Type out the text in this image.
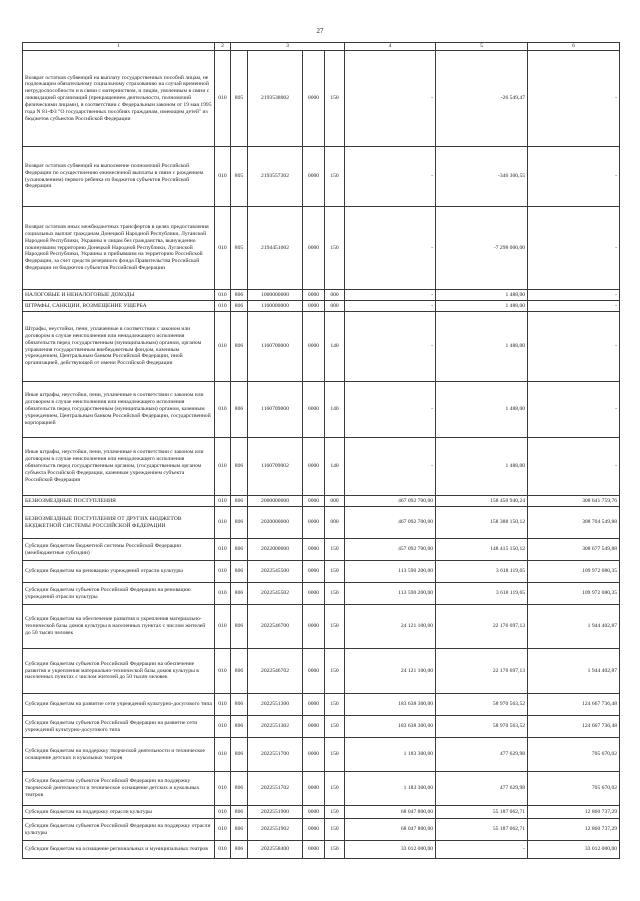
27
1	2	3				4	5	6
Возврат остатков субвенций на выплату государственных пособий лицам, не подлежащим обязательному социальному страхованию на случай временной нетрудоспособности и в связи с материнством, и лицам, уволенным в связи с ликвидацией организаций (прекращением деятельности, полномочий физическими лицами), в соответствии с Федеральным законом от 19 мая 1995 года N 81-ФЗ "О государственных пособиях гражданам, имеющим детей" из бюджетов субъектов Российской Федерации	010	805	2193538002	0000	150	-	-26 549,47	-
Возврат остатков субвенций на выполнение полномочий Российской Федерации по осуществлению ежемесячной выплаты в связи с рождением (усыновлением) первого ребенка из бюджетов субъектов Российской Федерации	010	805	2193557302	0000	150	-	-346 300,55	-
Возврат остатков иных межбюджетных трансфертов в целях предоставления социальных выплат гражданам Донецкой Народной Республики, Луганской Народной Республики, Украины и лицам без гражданства, вынужденно покинувшим территорию Донецкой Народной Республики, Луганской Народной Республики, Украины и прибывшим на территорию Российской Федерации, за счет средств резервного фонда Правительства Российской Федерации из бюджетов субъектов Российской Федерации	010	805	2194451002	0000	150	-	-7 298 000,00	-
НАЛОГОВЫЕ И НЕНАЛОГОВЫЕ ДОХОДЫ	010	806	1000000000	0000	000	-	1 488,00	-
ШТРАФЫ, САНКЦИИ, ВОЗМЕЩЕНИЕ УЩЕРБА	010	806	1160000000	0000	000	-	1 488,00	-
Штрафы, неустойки, пени, уплаченные в соответствии с законом или договором в случае неисполнения или ненадлежащего исполнения обязательств перед государственным (муниципальным) органом, органом управления государственным внебюджетным фондом, казенным учреждением, Центральным банком Российской Федерации, иной организацией, действующей от имени Российской Федерации	010	806	1160700000	0000	140	-	1 488,00	-
Иные штрафы, неустойки, пени, уплаченные в соответствии с законом или договором в случае неисполнения или ненадлежащего исполнения обязательств перед государственным (муниципальным) органом, казенным учреждением, Центральным банком Российской Федерации, государственной корпорацией	010	806	1160709000	0000	140	-	1 488,00	-
Иные штрафы, неустойки, пени, уплаченные в соответствии с законом или договором в случае неисполнения или ненадлежащего исполнения обязательств перед государственным органом, (государственным органом субъекта Российской Федерации, казенным учреждением субъекта Российской Федерации	010	806	1160709002	0000	140	-	1 488,00	-
БЕЗВОЗМЕЗДНЫЕ ПОСТУПЛЕНИЯ	010	806	2000000000	0000	000	467 092 700,00	158 450 940,24	308 641 759,76
БЕЗВОЗМЕЗДНЫЕ ПОСТУПЛЕНИЯ ОТ ДРУГИХ БЮДЖЕТОВ БЮДЖЕТНОЙ СИСТЕМЫ РОССИЙСКОЙ ФЕДЕРАЦИИ	010	806	2020000000	0000	000	467 092 700,00	158 388 150,12	308 704 549,88
Субсидии бюджетам бюджетной системы Российской Федерации (межбюджетные субсидии)	010	806	2022000000	0000	150	457 092 700,00	148 415 150,12	308 677 549,88
Субсидии бюджетам на реновацию учреждений отрасли культуры	010	806	2022545500	0000	150	113 590 200,00	3 618 119,65	109 972 080,35
Субсидии бюджетам субъектов Российской Федерации на реновацию учреждений отрасли культуры	010	806	2022545502	0000	150	113 590 200,00	3 618 119,65	109 972 080,35
Субсидии бюджетам на обеспечение развития и укрепления материально-технической базы домов культуры в населенных пунктах с числом жителей до 50 тысяч человек	010	806	2022546700	0000	150	24 121 100,00	22 176 697,13	1 944 402,87
Субсидии бюджетам субъектов Российской Федерации на обеспечение развития и укрепления материально-технической базы домов культуры в населенных пунктах с числом жителей до 50 тысяч человек	010	806	2022546702	0000	150	24 121 100,00	22 176 697,13	1 944 402,87
Субсидии бюджетам на развитие сети учреждений культурно-досугового типа	010	806	2022551300	0000	150	183 638 300,00	58 970 563,52	124 667 736,48
Субсидии бюджетам субъектов Российской Федерации на развитие сети учреждений культурно-досугового типа	010	806	2022551302	0000	150	183 638 300,00	58 970 563,52	124 667 736,48
Субсидии бюджетам на поддержку творческой деятельности и техническое оснащение детских и кукольных театров	010	806	2022551700	0000	150	1 183 300,00	477 629,98	705 670,02
Субсидии бюджетам субъектов Российской Федерации на поддержку творческой деятельности и техническое оснащение детских и кукольных театров	010	806	2022551702	0000	150	1 183 300,00	477 629,98	705 670,02
Субсидии бюджетам на поддержку отрасли культуры	010	806	2022551900	0000	150	68 047 800,00	55 187 062,71	12 860 737,29
Субсидии бюджетам субъектов Российской Федерации на поддержку отрасли культуры	010	806	2022551902	0000	150	68 047 800,00	55 187 062,71	12 860 737,29
Субсидии бюджетам на оснащение региональных и муниципальных театров	010	806	2022558400	0000	150	33 012 000,00	-	33 012 000,00
